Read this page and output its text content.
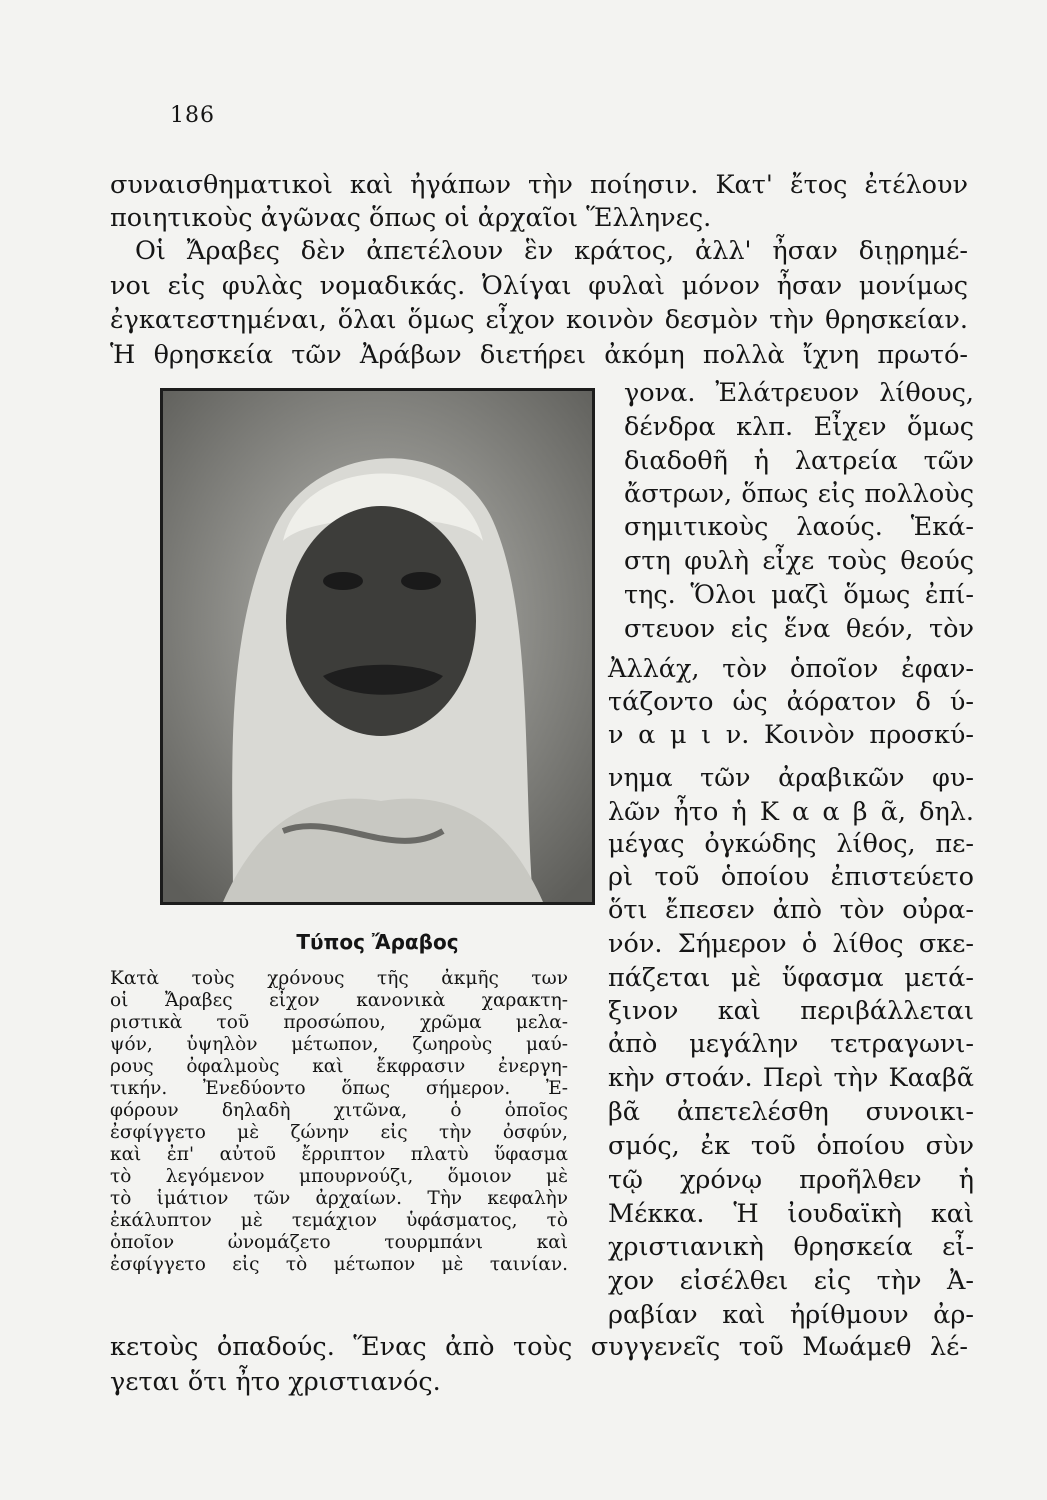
186
συναισθηματικοὶ καὶ ἠγάπων τὴν ποίησιν. Κατ' ἔτος ἐτέλουν
ποιητικοὺς ἀγῶνας ὅπως οἱ ἀρχαῖοι Ἕλληνες.
Οἱ Ἄραβες δὲν ἀπετέλουν ἓν κράτος, ἀλλ' ἦσαν διῃρημέ-
νοι εἰς φυλὰς νομαδικάς. Ὀλίγαι φυλαὶ μόνον ἦσαν μονίμως
ἐγκατεστημέναι, ὅλαι ὅμως εἶχον κοινὸν δεσμὸν τὴν θρησκείαν.
Ἡ θρησκεία τῶν Ἀράβων διετήρει ἀκόμη πολλὰ ἴχνη πρωτό-
γονα. Ἐλάτρευον λίθους,
δένδρα κλπ. Εἶχεν ὅμως
διαδοθῆ ἡ λατρεία τῶν
ἄστρων, ὅπως εἰς πολλοὺς
σημιτικοὺς λαούς. Ἑκά-
στη φυλὴ εἶχε τοὺς θεούς
της. Ὅλοι μαζὶ ὅμως ἐπί-
στευον εἰς ἕνα θεόν, τὸν
Ἀλλάχ, τὸν ὁποῖον ἐφαν-
τάζοντο ὡς ἀόρατον δ ύ-
ν α μ ι ν. Κοινὸν προσκύ-
νημα τῶν ἀραβικῶν φυ-
λῶν ἦτο ἡ Κ α α β ᾶ, δηλ.
μέγας ὀγκώδης λίθος, πε-
ρὶ τοῦ ὁποίου ἐπιστεύετο
ὅτι ἔπεσεν ἀπὸ τὸν οὐρα-
νόν. Σήμερον ὁ λίθος σκε-
πάζεται μὲ ὕφασμα μετά-
ξινον καὶ περιβάλλεται
ἀπὸ μεγάλην τετραγωνι-
κὴν στοάν. Περὶ τὴν Κααβᾶ
βᾶ ἀπετελέσθη συνοικι-
σμός, ἐκ τοῦ ὁποίου σὺν
τῷ χρόνῳ προῆλθεν ἡ
Μέκκα. Ἡ ἰουδαϊκὴ καὶ
χριστιανικὴ θρησκεία εἶ-
χον εἰσέλθει εἰς τὴν Ἀ-
ραβίαν καὶ ἠρίθμουν ἀρ-
Τύπος Ἄραβος
Κατὰ τοὺς χρόνους τῆς ἀκμῆς των
οἱ Ἄραβες εἶχον κανονικὰ χαρακτη-
ριστικὰ τοῦ προσώπου, χρῶμα μελα-
ψόν, ὑψηλὸν μέτωπον, ζωηροὺς μαύ-
ρους ὀφαλμοὺς καὶ ἔκφρασιν ἐνεργη-
τικήν. Ἐνεδύοντο ὅπως σήμερον. Ἐ-
φόρουν δηλαδὴ χιτῶνα, ὁ ὁποῖος
ἐσφίγγετο μὲ ζώνην εἰς τὴν ὀσφύν,
καὶ ἐπ' αὐτοῦ ἔρριπτον πλατὺ ὕφασμα
τὸ λεγόμενον μπουρνούζι, ὅμοιον μὲ
τὸ ἱμάτιον τῶν ἀρχαίων. Τὴν κεφαλὴν
ἐκάλυπτον μὲ τεμάχιον ὑφάσματος, τὸ
ὁποῖον ὠνομάζετο τουρμπάνι καὶ
ἐσφίγγετο εἰς τὸ μέτωπον μὲ ταινίαν.
κετοὺς ὀπαδούς. Ἕνας ἀπὸ τοὺς συγγενεῖς τοῦ Μωάμεθ λέ-
γεται ὅτι ἦτο χριστιανός.
